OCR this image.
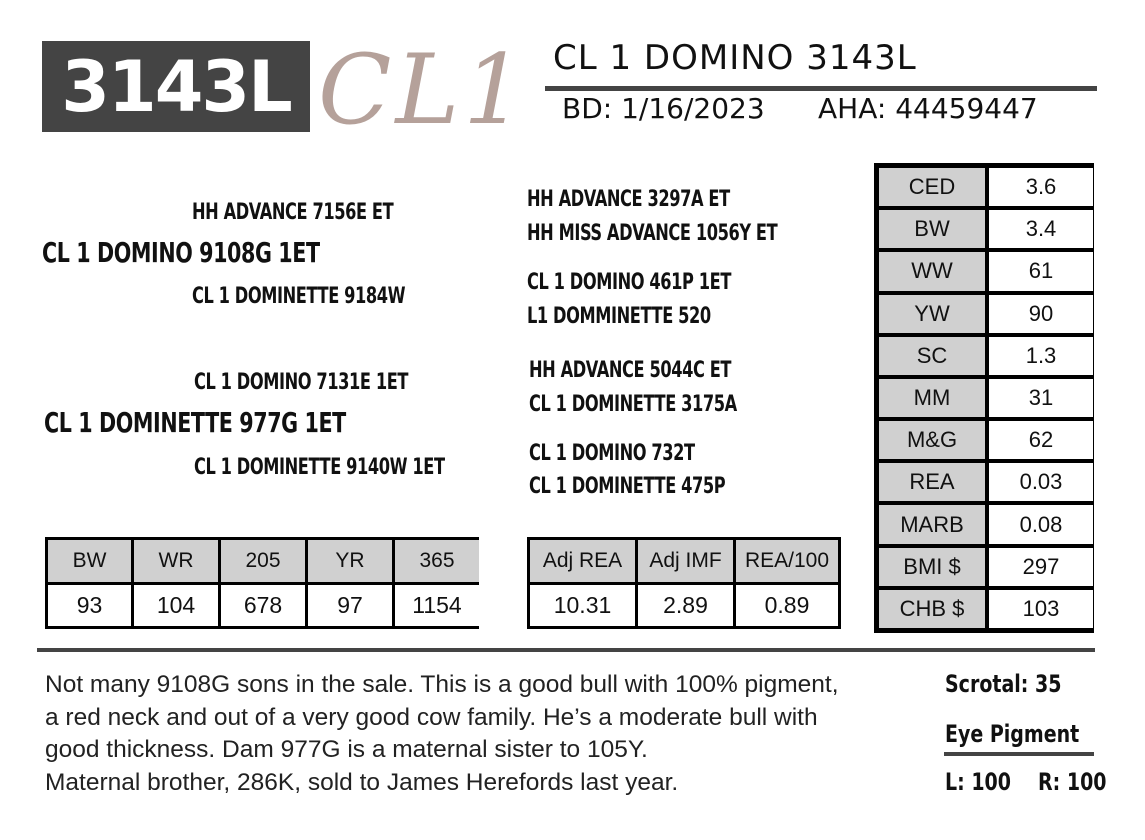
3143L CL1 CL 1 DOMINO 3143L
BD: 1/16/2023 AHA: 44459447
HH ADVANCE 7156E ET
CL 1 DOMINO 9108G 1ET
CL 1 DOMINETTE 9184W
CL 1 DOMINO 7131E 1ET
CL 1 DOMINETTE 977G 1ET
CL 1 DOMINETTE 9140W 1ET
HH ADVANCE 3297A ET
HH MISS ADVANCE 1056Y ET
CL 1 DOMINO 461P 1ET
L1 DOMMINETTE 520
HH ADVANCE 5044C ET
CL 1 DOMINETTE 3175A
CL 1 DOMINO 732T
CL 1 DOMINETTE 475P
CED	3.6
BW	3.4
WW	61
YW	90
SC	1.3
MM	31
M&G	62
REA	0.03
MARB	0.08
BMI $	297
CHB $	103
BW	WR	205	YR	365
93	104	678	97	1154
Adj REA	Adj IMF	REA/100
10.31	2.89	0.89
Not many 9108G sons in the sale. This is a good bull with 100% pigment,
a red neck and out of a very good cow family. He’s a moderate bull with
good thickness. Dam 977G is a maternal sister to 105Y.
Maternal brother, 286K, sold to James Herefords last year.
Scrotal: 35
Eye Pigment
L: 100 R: 100
